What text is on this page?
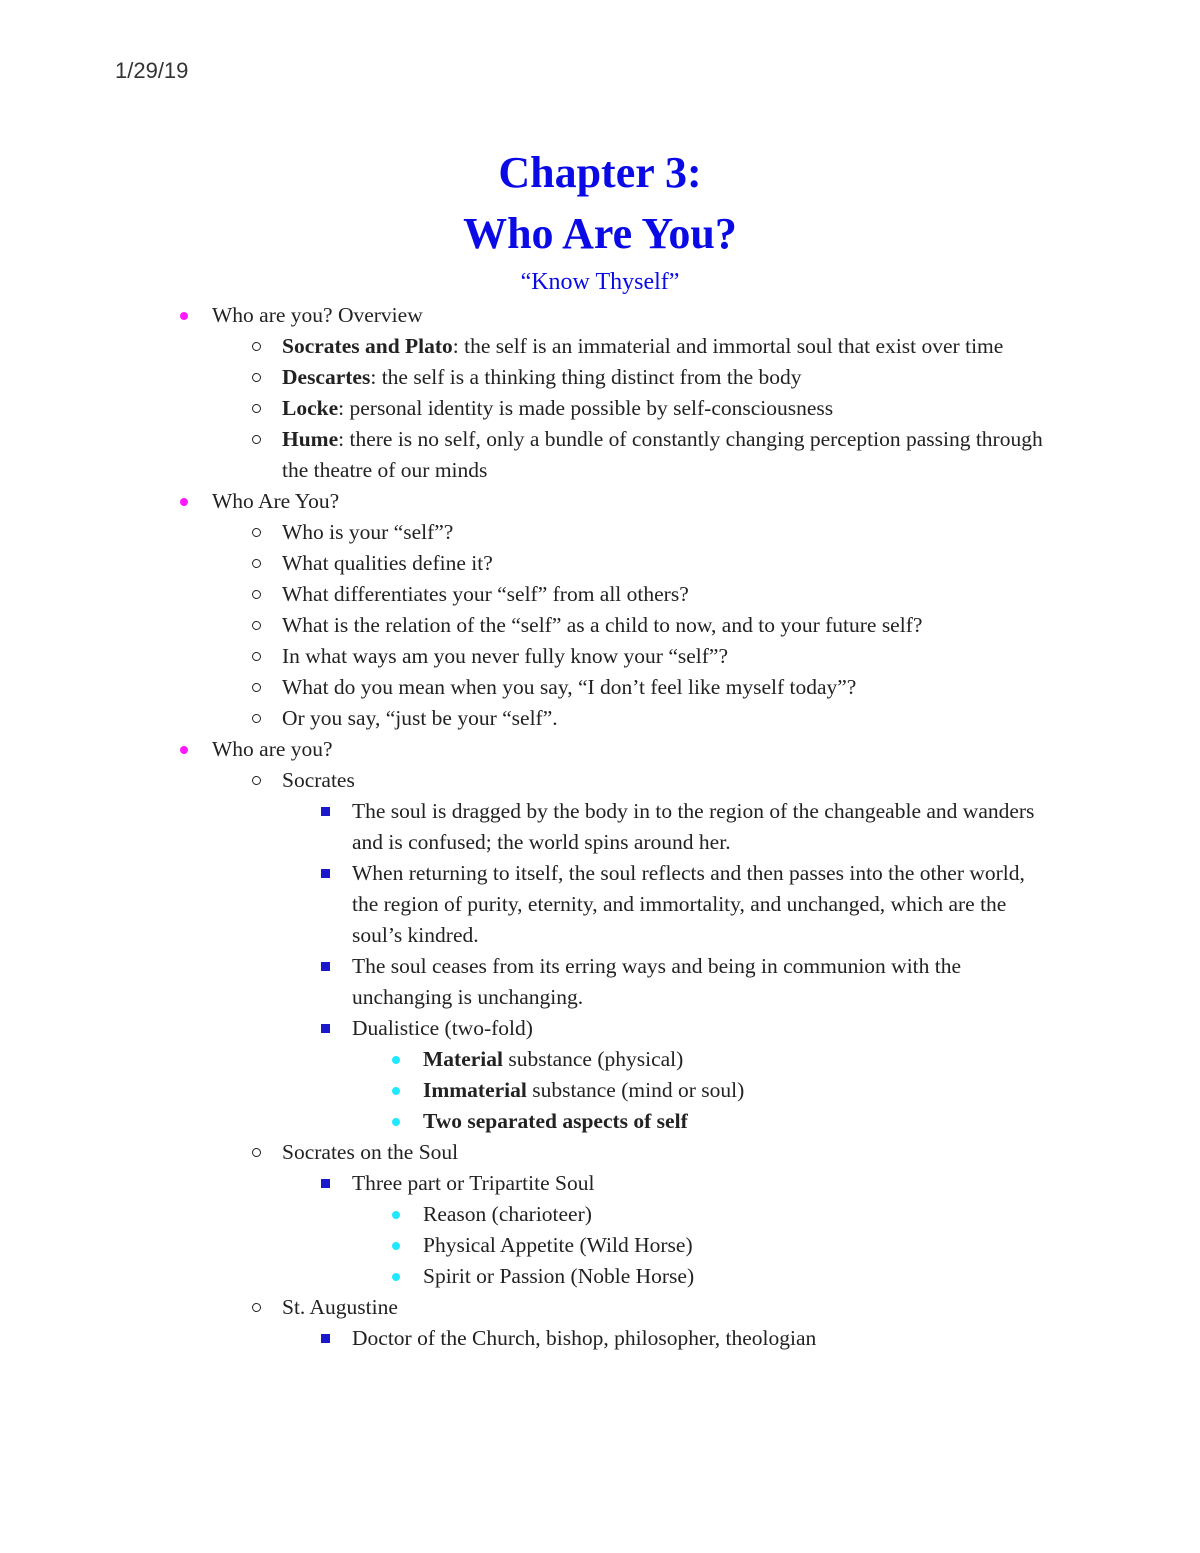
1/29/19
Chapter 3:
Who Are You?
“Know Thyself”
Who are you? Overview
Socrates and Plato: the self is an immaterial and immortal soul that exist over time
Descartes: the self is a thinking thing distinct from the body
Locke: personal identity is made possible by self-consciousness
Hume: there is no self, only a bundle of constantly changing perception passing through the theatre of our minds
Who Are You?
Who is your “self”?
What qualities define it?
What differentiates your “self” from all others?
What is the relation of the “self” as a child to now, and to your future self?
In what ways am you never fully know your “self”?
What do you mean when you say, “I don’t feel like myself today”?
Or you say, “just be your “self”.
Who are you?
Socrates
The soul is dragged by the body in to the region of the changeable and wanders and is confused; the world spins around her.
When returning to itself, the soul reflects and then passes into the other world, the region of purity, eternity, and immortality, and unchanged, which are the soul’s kindred.
The soul ceases from its erring ways and being in communion with the unchanging is unchanging.
Dualistice (two-fold)
Material substance (physical)
Immaterial substance (mind or soul)
Two separated aspects of self
Socrates on the Soul
Three part or Tripartite Soul
Reason (charioteer)
Physical Appetite (Wild Horse)
Spirit or Passion (Noble Horse)
St. Augustine
Doctor of the Church, bishop, philosopher, theologian
